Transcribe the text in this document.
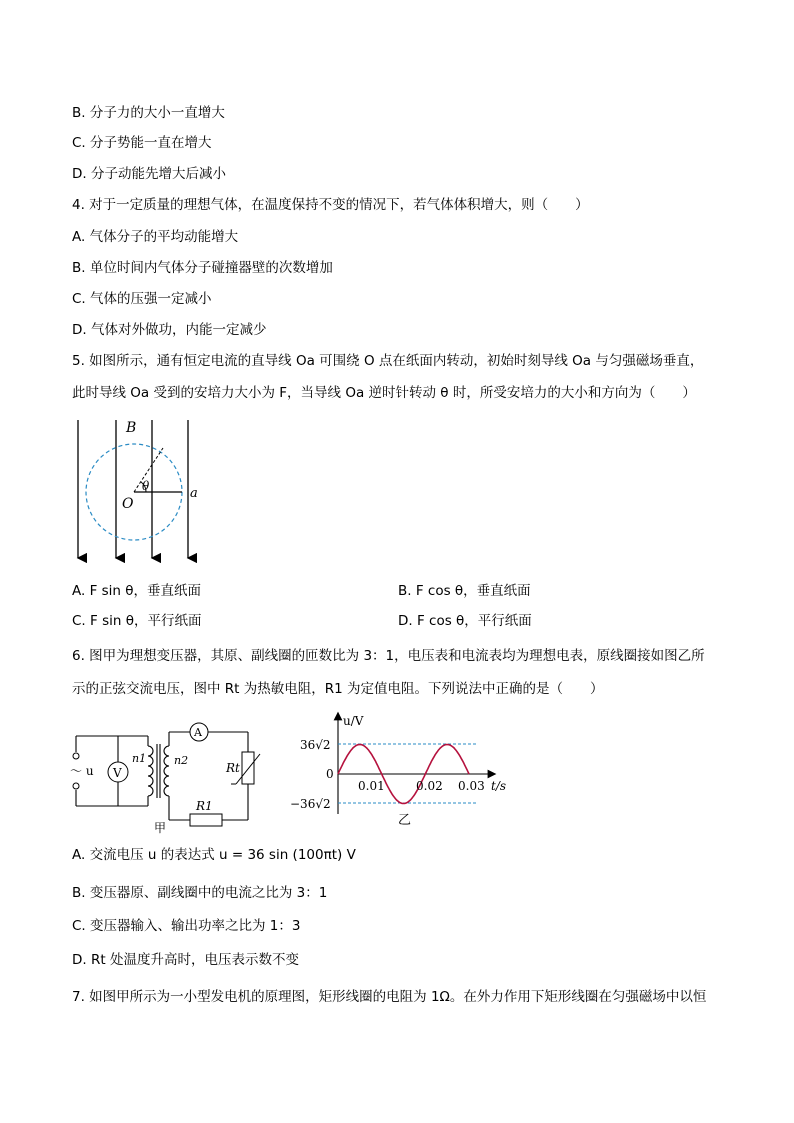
B. 分子力的大小一直增大
C. 分子势能一直在增大
D. 分子动能先增大后减小
4. 对于一定质量的理想气体，在温度保持不变的情况下，若气体体积增大，则（　　）
A. 气体分子的平均动能增大
B. 单位时间内气体分子碰撞器壁的次数增加
C. 气体的压强一定减小
D. 气体对外做功，内能一定减少
5. 如图所示，通有恒定电流的直导线 Oa 可围绕 O 点在纸面内转动，初始时刻导线 Oa 与匀强磁场垂直，
此时导线 Oa 受到的安培力大小为 F，当导线 Oa 逆时针转动 θ 时，所受安培力的大小和方向为（　　）
B
O
a
θ
A. F sin θ，垂直纸面	B. F cos θ，垂直纸面
C. F sin θ，平行纸面	D. F cos θ，平行纸面
6. 图甲为理想变压器，其原、副线圈的匝数比为 3：1，电压表和电流表均为理想电表，原线圈接如图乙所
示的正弦交流电压，图中 Rt 为热敏电阻，R1 为定值电阻。下列说法中正确的是（　　）
～ u V
A
n1	n2
Rt
R1
甲
u/V
t/s
36√2
0
−36√2
0.01	0.02 0.03
乙
A. 交流电压 u 的表达式 u = 36 sin (100πt) V
B. 变压器原、副线圈中的电流之比为 3：1
C. 变压器输入、输出功率之比为 1：3
D. Rt 处温度升高时，电压表示数不变
7. 如图甲所示为一小型发电机的原理图，矩形线圈的电阻为 1Ω。在外力作用下矩形线圈在匀强磁场中以恒
